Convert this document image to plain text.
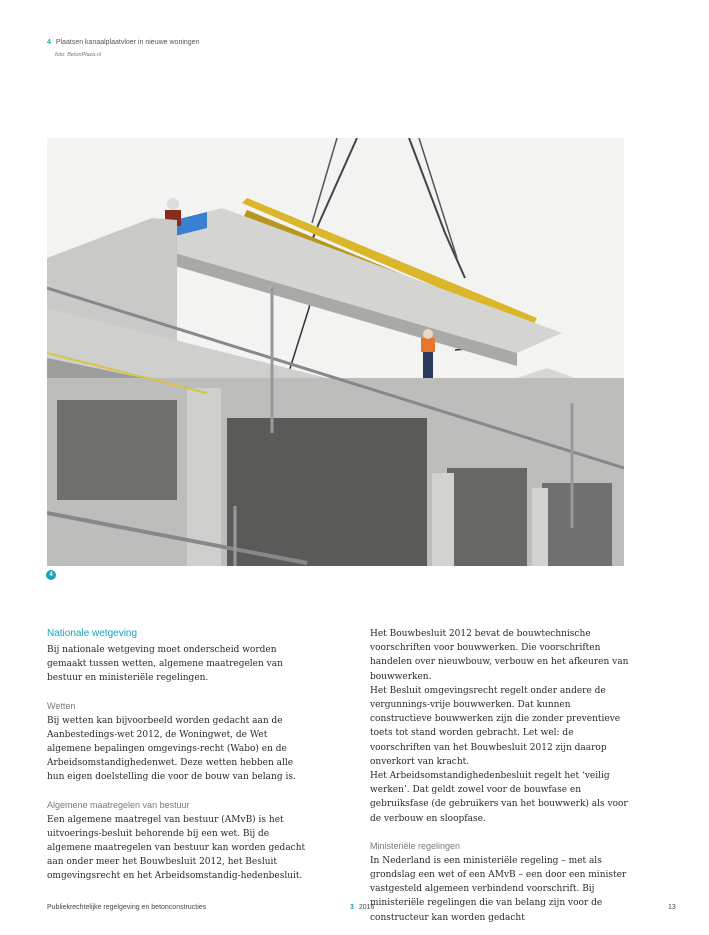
4 Plaatsen kanaalplaatvloer in nieuwe woningen
foto: BetonPlaza.nl
4
Nationale wetgeving

Bij nationale wetgeving moet onderscheid worden gemaakt tussen wetten, algemene maatregelen van bestuur en ministeriële regelingen.

Wetten

Bij wetten kan bijvoorbeeld worden gedacht aan de Aanbestedings-wet 2012, de Woningwet, de Wet algemene bepalingen omgevings-recht (Wabo) en de Arbeidsomstandighedenwet. Deze wetten hebben alle hun eigen doelstelling die voor de bouw van belang is.

Algemene maatregelen van bestuur

Een algemene maatregel van bestuur (AMvB) is het uitvoerings-besluit behorende bij een wet. Bij de algemene maatregelen van bestuur kan worden gedacht aan onder meer het Bouwbesluit 2012, het Besluit omgevingsrecht en het Arbeidsomstandig-hedenbesluit.

Het Bouwbesluit 2012 bevat de bouwtechnische voorschriften voor bouwwerken. Die voorschriften handelen over nieuwbouw, verbouw en het afkeuren van bouwwerken.

Het Besluit omgevingsrecht regelt onder andere de vergunnings-vrije bouwwerken. Dat kunnen constructieve bouwwerken zijn die zonder preventieve toets tot stand worden gebracht. Let wel: de voorschriften van het Bouwbesluit 2012 zijn daarop onverkort van kracht.

Het Arbeidsomstandighedenbesluit regelt het ‘veilig werken’. Dat geldt zowel voor de bouwfase en gebruiksfase (de gebruikers van het bouwwerk) als voor de verbouw en sloopfase.

Ministeriële regelingen

In Nederland is een ministeriële regeling – met als grondslag een wet of een AMvB – een door een minister vastgesteld algemeen verbindend voorschrift. Bij ministeriële regelingen die van belang zijn voor de constructeur kan worden gedacht

Publiekrechtelijke regelgeving en betonconstructies	3 2016	13
